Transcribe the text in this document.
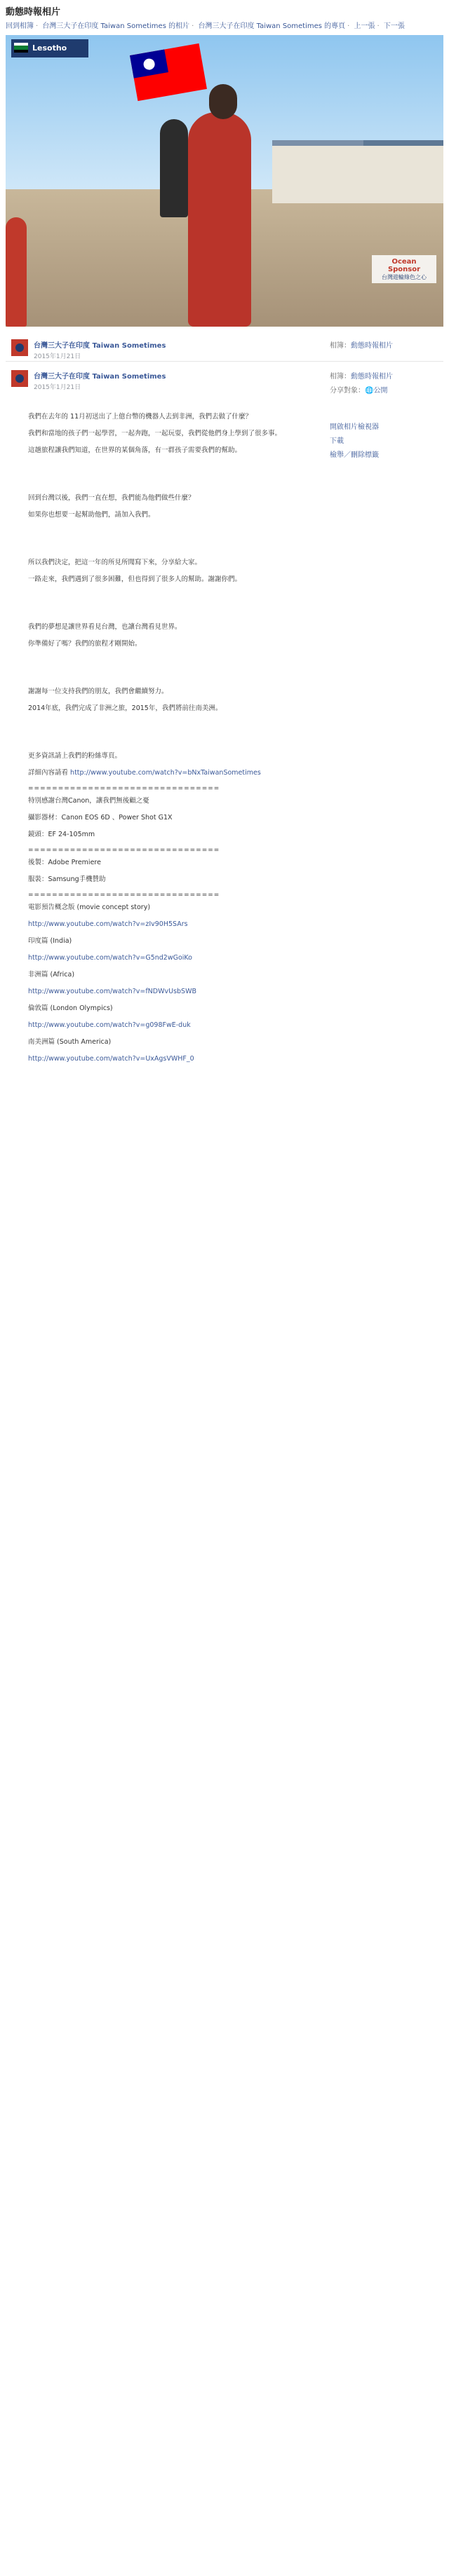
動態時報相片
回到相簿 · 台灣三大子在印度 Taiwan Sometimes 的相片 · 台灣三大子在印度 Taiwan Sometimes 的專頁 · 上一張 · 下一張
Lesotho
Ocean Sponsor
台灣遊輪綠色之心
台灣三大子在印度 Taiwan Sometimes
2015年1月21日
相簿：動態時報相片
台灣三大子在印度 Taiwan Sometimes
2015年1月21日
相簿：動態時報相片
分享對象：🌐公開
開啟相片檢視器
下載
檢舉／刪除標籤

我們在去年的 11月初送出了上億台幣的機器人去到非洲，我們去做了什麼？

我們和當地的孩子們一起學習，一起奔跑，一起玩耍，我們從他們身上學到了很多事。

這趟旅程讓我們知道，在世界的某個角落，有一群孩子需要我們的幫助。

回到台灣以後，我們一直在想，我們能為他們做些什麼？

如果你也想要一起幫助他們，請加入我們。

所以我們決定，把這一年的所見所聞寫下來，分享給大家。

一路走來，我們遇到了很多困難，但也得到了很多人的幫助。謝謝你們。

我們的夢想是讓世界看見台灣，也讓台灣看見世界。

你準備好了嗎？我們的旅程才剛開始。

謝謝每一位支持我們的朋友，我們會繼續努力。

2014年底，我們完成了非洲之旅，2015年，我們將前往南美洲。

更多資訊請上我們的粉絲專頁。

詳細內容請看 http://www.youtube.com/watch?v=bNxTaiwanSometimes

================================

特別感謝台灣Canon，讓我們無後顧之憂

攝影器材：Canon EOS 6D 、Power Shot G1X

鏡頭：EF 24-105mm

================================

後製：Adobe Premiere

服裝：Samsung手機贊助

================================

電影預告概念版 (movie concept story)

http://www.youtube.com/watch?v=zIv90H5SArs

印度篇 (India)

http://www.youtube.com/watch?v=G5nd2wGoiKo

非洲篇 (Africa)

http://www.youtube.com/watch?v=fNDWvUsbSWB

倫敦篇 (London Olympics)

http://www.youtube.com/watch?v=g098FwE-duk

南美洲篇 (South America)

http://www.youtube.com/watch?v=UxAgsVWHF_0
